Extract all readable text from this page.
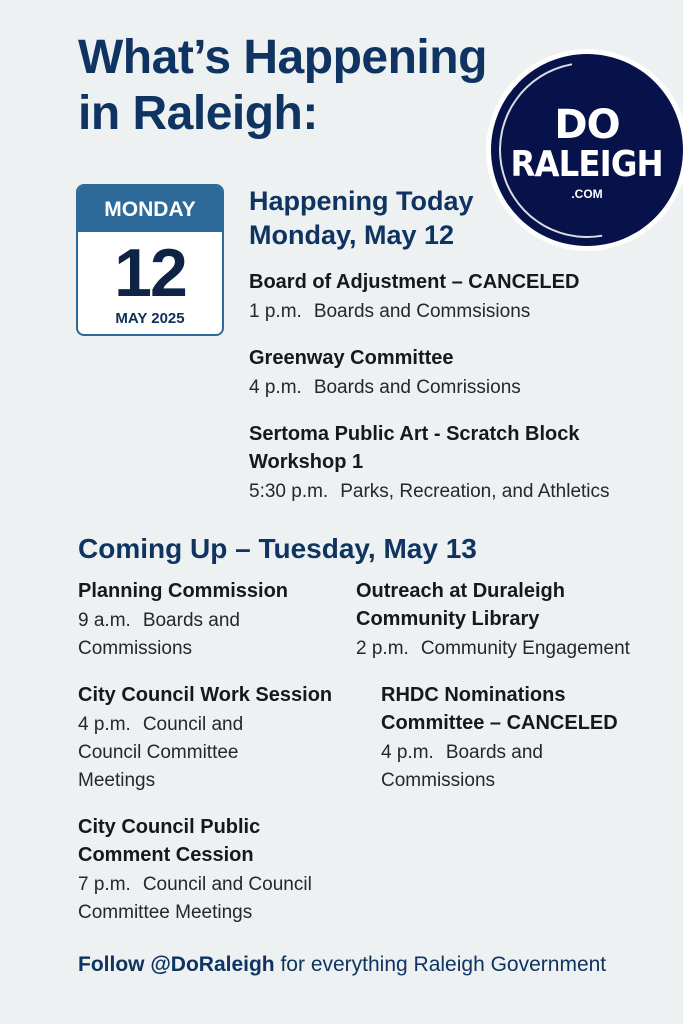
What’s Happening
in Raleigh:	DO
RALEIGH
.COM
MONDAY
12
MAY 2025
Happening Today
Monday, May 12
Board of Adjustment – CANCELED
1 p.m. Boards and Commsisions
Greenway Committee
4 p.m. Boards and Comrissions
Sertoma Public Art - Scratch Block Workshop 1
5:30 p.m. Parks, Recreation, and Athletics
Coming Up – Tuesday, May 13
Planning Commission
9 a.m. Boards and Commissions
Outreach at Duraleigh Community Library
2 p.m. Community Engagement
City Council Work Session
4 p.m. Council and Council Committee Meetings
RHDC Nominations Committee – CANCELED
4 p.m. Boards and Commissions
City Council Public Comment Cession
7 p.m. Council and Council Committee Meetings
Follow @DoRaleigh for everything Raleigh Government
